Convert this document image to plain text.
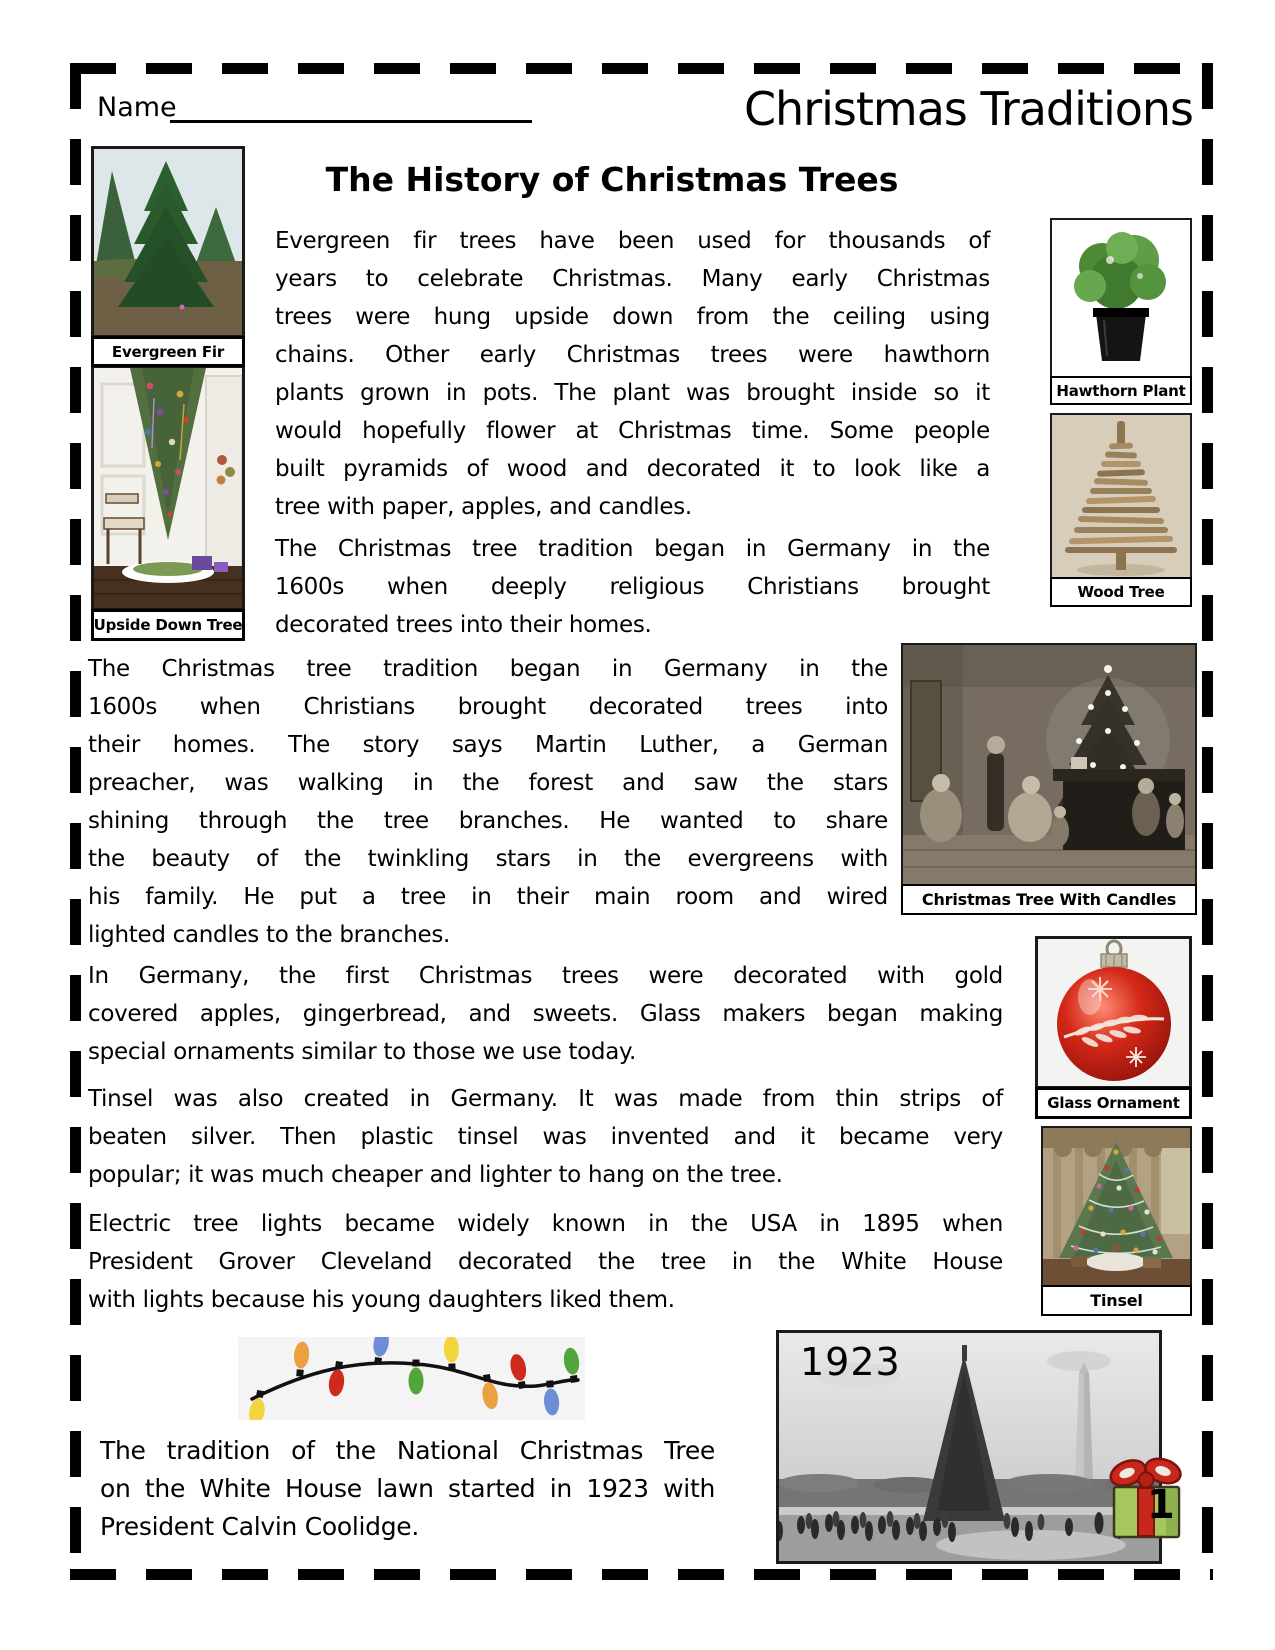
Name	Christmas Traditions
The History of Christmas Trees
Evergreen Fir
Upside Down Tree
Hawthorn Plant
Wood Tree
Christmas Tree With Candles
Glass Ornament
Tinsel
1923
1
Evergreen fir trees have been used for thousands of
years to celebrate Christmas. Many early Christmas
trees were hung upside down from the ceiling using
chains. Other early Christmas trees were hawthorn
plants grown in pots. The plant was brought inside so it
would hopefully flower at Christmas time. Some people
built pyramids of wood and decorated it to look like a
tree with paper, apples, and candles.
The Christmas tree tradition began in Germany in the
1600s when deeply religious Christians brought
decorated trees into their homes.
The Christmas tree tradition began in Germany in the
1600s when Christians brought decorated trees into
their homes. The story says Martin Luther, a German
preacher, was walking in the forest and saw the stars
shining through the tree branches. He wanted to share
the beauty of the twinkling stars in the evergreens with
his family. He put a tree in their main room and wired
lighted candles to the branches.
In Germany, the first Christmas trees were decorated with gold
covered apples, gingerbread, and sweets. Glass makers began making
special ornaments similar to those we use today.
Tinsel was also created in Germany. It was made from thin strips of
beaten silver. Then plastic tinsel was invented and it became very
popular; it was much cheaper and lighter to hang on the tree.
Electric tree lights became widely known in the USA in 1895 when
President Grover Cleveland decorated the tree in the White House
with lights because his young daughters liked them.
The tradition of the National Christmas Tree
on the White House lawn started in 1923 with
President Calvin Coolidge.
